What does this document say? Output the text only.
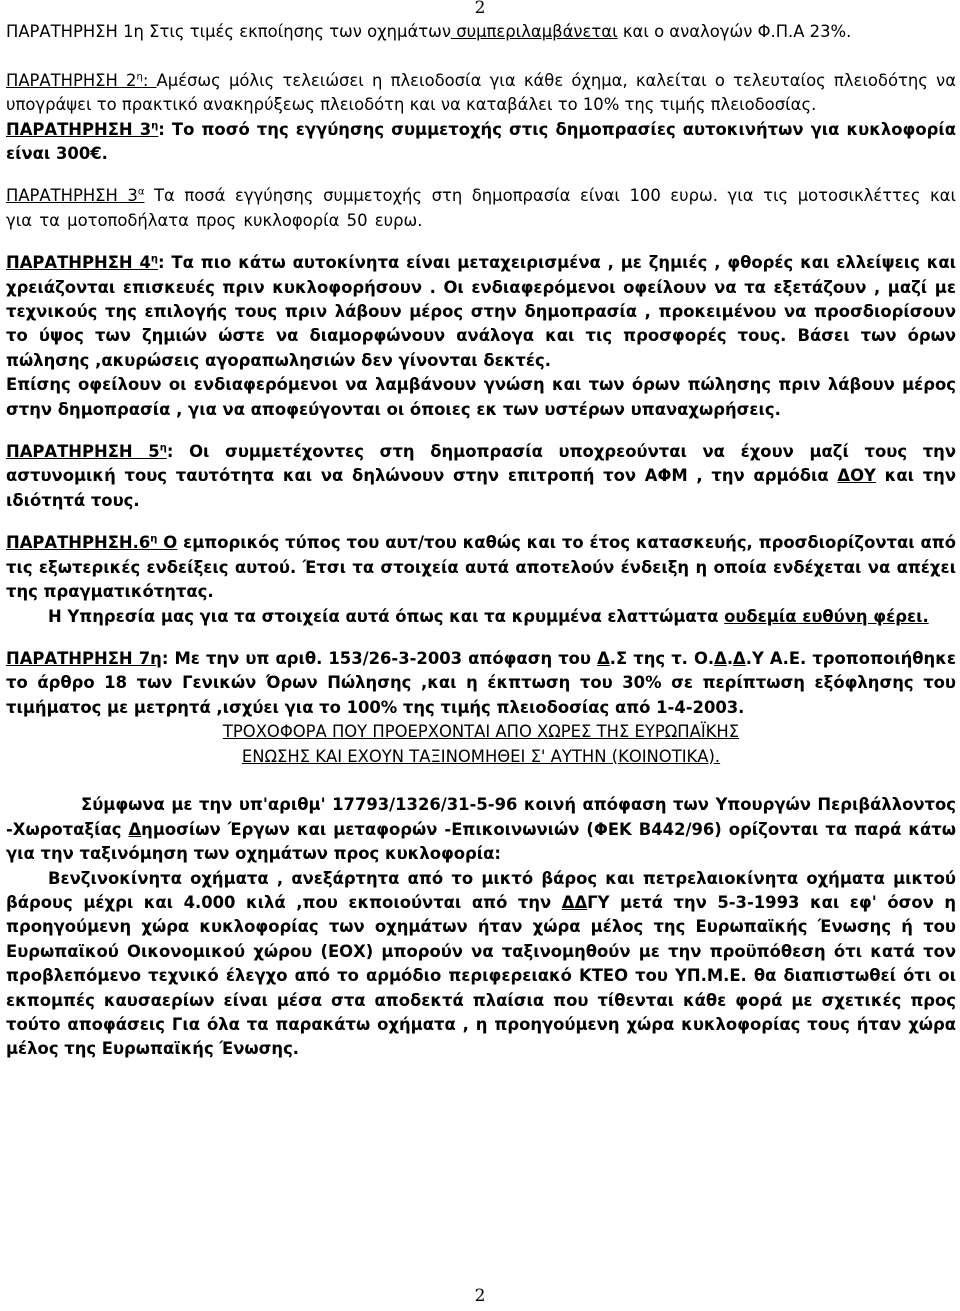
2

ΠΑΡΑΤΗΡΗΣΗ 1η Στις τιμές εκποίησης των οχημάτων συμπεριλαμβάνεται και ο αναλογών Φ.Π.Α 23%.

ΠΑΡΑΤΗΡΗΣΗ $2^\eta$: Αμέσως μόλις τελειώσει η πλειοδοσία για κάθε όχημα, καλείται ο τελευταίος πλειοδότης να υπογράψει το πρακτικό ανακηρύξεως πλειοδότη και να καταβάλει το 10% της τιμής πλειοδοσίας.

ΠΑΡΑΤΗΡΗΣΗ $3^\eta$: Το ποσό της εγγύησης συμμετοχής στις δημοπρασίες αυτοκινήτων για κυκλοφορία είναι 300€.

ΠΑΡΑΤΗΡΗΣΗ $3^\alpha$ Τα ποσά εγγύησης συμμετοχής στη δημοπρασία είναι 100 ευρω. για τις μοτοσικλέττες και για τα μοτοποδήλατα προς κυκλοφορία 50 ευρω.

ΠΑΡΑΤΗΡΗΣΗ $4^\eta$: Τα πιο κάτω αυτοκίνητα είναι μεταχειρισμένα , με ζημιές , φθορές και ελλείψεις και χρειάζονται επισκευές πριν κυκλοφορήσουν . Οι ενδιαφερόμενοι οφείλουν να τα εξετάζουν , μαζί με τεχνικούς της επιλογής τους πριν λάβουν μέρος στην δημοπρασία , προκειμένου να προσδιορίσουν το ύψος των ζημιών ώστε να διαμορφώνουν ανάλογα και τις προσφορές τους. Βάσει των όρων πώλησης ,ακυρώσεις αγοραπωλησιών δεν γίνονται δεκτές.

Επίσης οφείλουν οι ενδιαφερόμενοι να λαμβάνουν γνώση και των όρων πώλησης πριν λάβουν μέρος στην δημοπρασία , για να αποφεύγονται οι όποιες εκ των υστέρων υπαναχωρήσεις.

ΠΑΡΑΤΗΡΗΣΗ $5^\eta$: Οι συμμετέχοντες στη δημοπρασία υποχρεούνται να έχουν μαζί τους την αστυνομική τους ταυτότητα και να δηλώνουν στην επιτροπή τον ΑΦΜ , την αρμόδια ΔΟΥ και την ιδιότητά τους.

$\Pi APATHPH\Sigma H.6^\eta$ Ο εμπορικός τύπος του αυτ/του καθώς και το έτος κατασκευής, προσδιορίζονται από τις εξωτερικές ενδείξεις αυτού. Έτσι τα στοιχεία αυτά αποτελούν ένδειξη η οποία ενδέχεται να απέχει της πραγματικότητας.

Η Υπηρεσία μας για τα στοιχεία αυτά όπως και τα κρυμμένα ελαττώματα ουδεμία ευθύνη φέρει.

ΠΑΡΑΤΗΡΗΣΗ 7η: Με την υπ αριθ. 153/26-3-2003 απόφαση του Δ.Σ της τ. Ο.Δ.Δ.Υ Α.Ε. τροποποιήθηκε το άρθρο 18 των Γενικών Όρων Πώλησης ,και η έκπτωση του 30% σε περίπτωση εξόφλησης του τιμήματος με μετρητά ,ισχύει για το 100% της τιμής πλειοδοσίας από 1-4-2003.

ΤΡΟΧΟΦΟΡΑ ΠΟΥ ΠΡΟΕΡΧΟΝΤΑΙ ΑΠΟ ΧΩΡΕΣ ΤΗΣ ΕΥΡΩΠΑΪΚΗΣ

ΕΝΩΣΗΣ ΚΑΙ ΕΧΟΥΝ ΤΑΞΙΝΟΜΗΘΕΙ Σ' ΑΥΤΗΝ (ΚΟΙΝΟΤΙΚΑ).

Σύμφωνα με την υπ'αριθμ' 17793/1326/31-5-96 κοινή απόφαση των Υπουργών Περιβάλλοντος -Χωροταξίας Δημοσίων Έργων και μεταφορών -Επικοινωνιών (ΦΕΚ Β442/96) ορίζονται τα παρά κάτω για την ταξινόμηση των οχημάτων προς κυκλοφορία:

Βενζινοκίνητα οχήματα , ανεξάρτητα από το μικτό βάρος και πετρελαιοκίνητα οχήματα μικτού βάρους μέχρι και 4.000 κιλά ,που εκποιούνται από την ΔΔΓΥ μετά την 5-3-1993 και εφ' όσον η προηγούμενη χώρα κυκλοφορίας των οχημάτων ήταν χώρα μέλος της Ευρωπαϊκής Ένωσης ή του Ευρωπαϊκού Οικονομικού χώρου (ΕΟΧ) μπορούν να ταξινομηθούν με την προϋπόθεση ότι κατά τον προβλεπόμενο τεχνικό έλεγχο από το αρμόδιο περιφερειακό ΚΤΕΟ του ΥΠ.Μ.Ε. θα διαπιστωθεί ότι οι εκπομπές καυσαερίων είναι μέσα στα αποδεκτά πλαίσια που τίθενται κάθε φορά με σχετικές προς τούτο αποφάσεις Για όλα τα παρακάτω οχήματα , η προηγούμενη χώρα κυκλοφορίας τους ήταν χώρα μέλος της Ευρωπαϊκής Ένωσης.

2
